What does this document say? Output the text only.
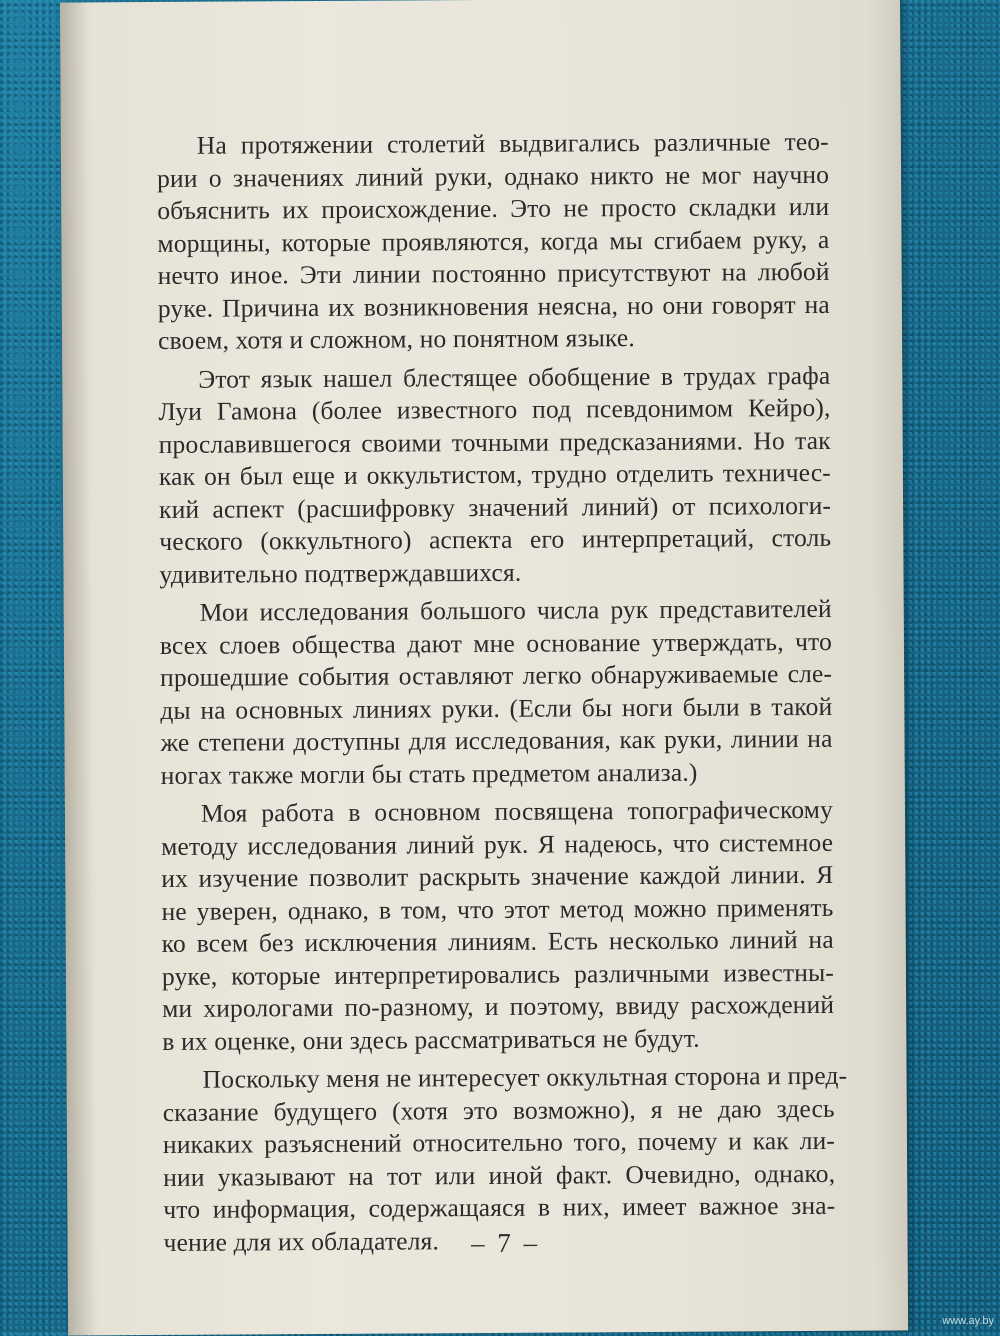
На протяжении столетий выдвигались различные тео-
рии о значениях линий руки, однако никто не мог научно
объяснить их происхождение. Это не просто складки или
морщины, которые проявляются, когда мы сгибаем руку, а
нечто иное. Эти линии постоянно присутствуют на любой
руке. Причина их возникновения неясна, но они говорят на
своем, хотя и сложном, но понятном языке.
Этот язык нашел блестящее обобщение в трудах графа
Луи Гамона (более известного под псевдонимом Кейро),
прославившегося своими точными предсказаниями. Но так
как он был еще и оккультистом, трудно отделить техничес-
кий аспект (расшифровку значений линий) от психологи-
ческого (оккультного) аспекта его интерпретаций, столь
удивительно подтверждавшихся.
Мои исследования большого числа рук представителей
всех слоев общества дают мне основание утверждать, что
прошедшие события оставляют легко обнаруживаемые сле-
ды на основных линиях руки. (Если бы ноги были в такой
же степени доступны для исследования, как руки, линии на
ногах также могли бы стать предметом анализа.)
Моя работа в основном посвящена топографическому
методу исследования линий рук. Я надеюсь, что системное
их изучение позволит раскрыть значение каждой линии. Я
не уверен, однако, в том, что этот метод можно применять
ко всем без исключения линиям. Есть несколько линий на
руке, которые интерпретировались различными известны-
ми хирологами по-разному, и поэтому, ввиду расхождений
в их оценке, они здесь рассматриваться не будут.
Поскольку меня не интересует оккультная сторона и пред-
сказание будущего (хотя это возможно), я не даю здесь
никаких разъяснений относительно того, почему и как ли-
нии указывают на тот или иной факт. Очевидно, однако,
что информация, содержащаяся в них, имеет важное зна-
чение для их обладателя.	– 7 –
www.ay.by
